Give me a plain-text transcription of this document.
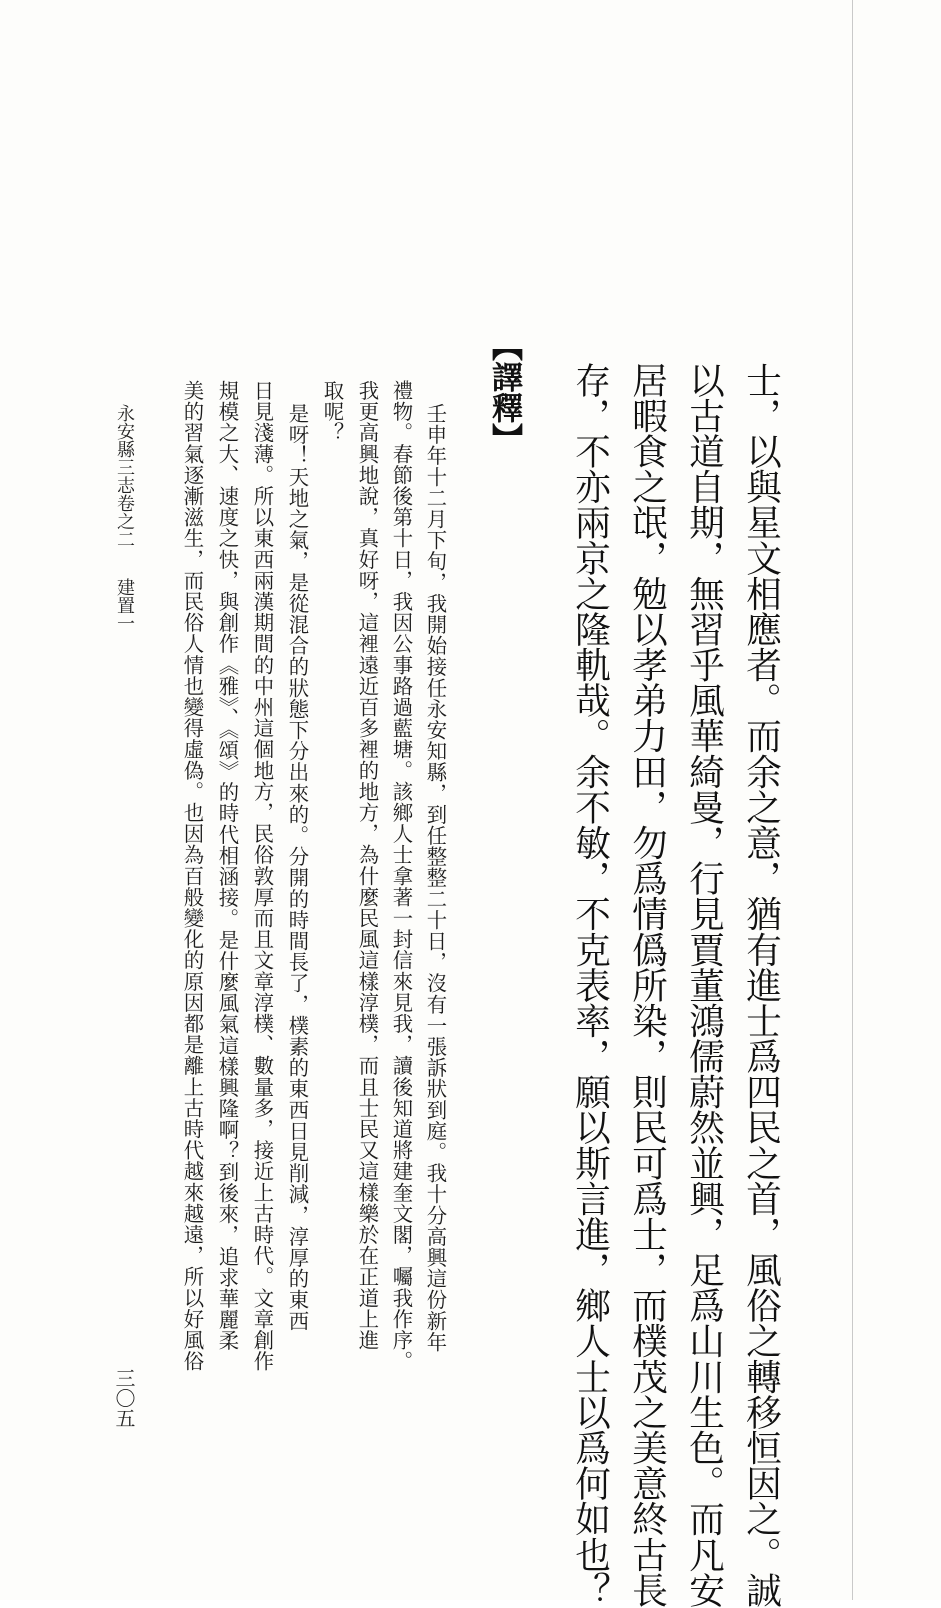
士，以與星文相應者。而余之意，猶有進士爲四民之首，風俗之轉移恒因之。誠
以古道自期，無習乎風華綺曼，行見賈董鴻儒蔚然並興，足爲山川生色。而凡安
居暇食之氓，勉以孝弟力田，勿爲情僞所染，則民可爲士，而樸茂之美意終古長
存，不亦兩京之隆軌哉。余不敏，不克表率，願以斯言進，鄉人士以爲何如也？
【譯釋】
壬申年十二月下旬，我開始接任永安知縣，到任整整二十日，沒有一張訴狀到庭。我十分高興這份新年
禮物。春節後第十日，我因公事路過藍塘。該鄉人士拿著一封信來見我，讀後知道將建奎文閣，囑我作序。
我更高興地說，真好呀，這裡遠近百多裡的地方，為什麼民風這樣淳樸，而且士民又這樣樂於在正道上進
取呢？
是呀！天地之氣，是從混合的狀態下分出來的。分開的時間長了，樸素的東西日見削減，淳厚的東西
日見淺薄。所以東西兩漢期間的中州這個地方，民俗敦厚而且文章淳樸、數量多，接近上古時代。文章創作
規模之大、速度之快，與創作《雅》、《頌》的時代相涵接。是什麼風氣這樣興隆啊？到後來，追求華麗柔
美的習氣逐漸滋生，而民俗人情也變得虛偽。也因為百般變化的原因都是離上古時代越來越遠，所以好風俗
永安縣三志卷之二
建置一
三〇五
